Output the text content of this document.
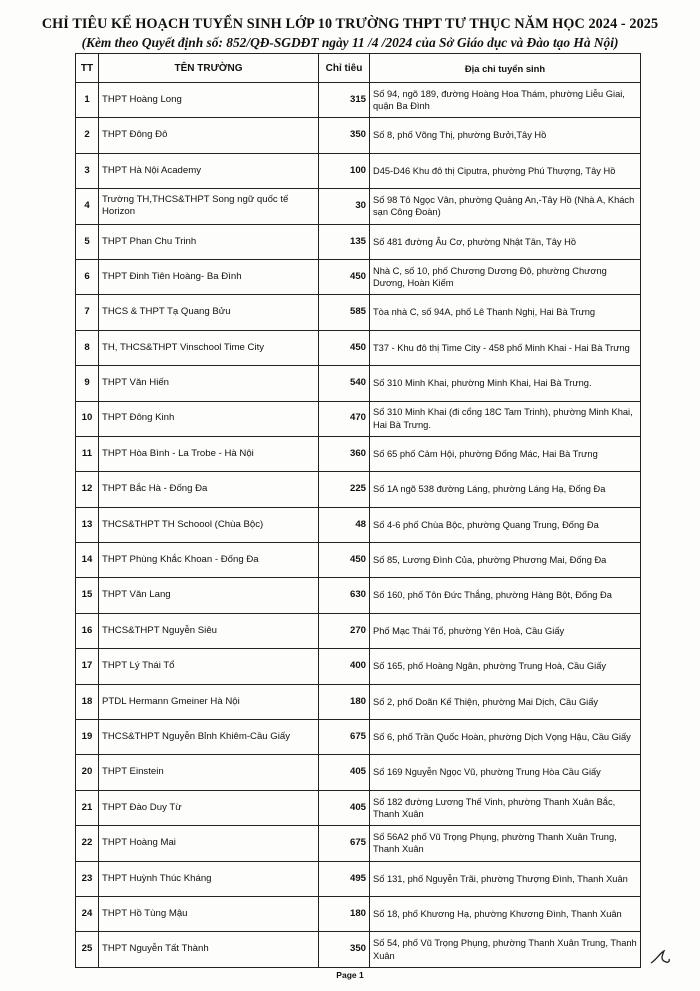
CHỈ TIÊU KẾ HOẠCH TUYỂN SINH LỚP 10 TRƯỜNG THPT TƯ THỤC NĂM HỌC 2024 - 2025
(Kèm theo Quyết định số: 852/QĐ-SGDĐT ngày 11 /4 /2024 của Sở Giáo dục và Đào tạo Hà Nội)
TT	TÊN TRƯỜNG	Chỉ tiêu	Địa chỉ tuyển sinh
1	THPT Hoàng Long	315	Số 94, ngõ 189, đường Hoàng Hoa Thám, phường Liễu Giai, quận Ba Đình
2	THPT Đông Đô	350	Số 8, phố Võng Thị, phường Bưởi,Tây Hồ
3	THPT Hà Nội Academy	100	D45-D46 Khu đô thị Ciputra, phường Phú Thượng, Tây Hồ
4	Trường TH,THCS&THPT Song ngữ quốc tế Horizon	30	Số 98 Tô Ngọc Vân, phường Quảng An,-Tây Hồ (Nhà A, Khách sạn Công Đoàn)
5	THPT Phan Chu Trinh	135	Số 481 đường Âu Cơ, phường Nhật Tân, Tây Hồ
6	THPT Đinh Tiên Hoàng- Ba Đình	450	Nhà C, số 10, phố Chương Dương Độ, phường Chương Dương, Hoàn Kiếm
7	THCS & THPT Tạ Quang Bửu	585	Tòa nhà C, số 94A, phố Lê Thanh Nghị, Hai Bà Trưng
8	TH, THCS&THPT Vinschool Time City	450	T37 - Khu đô thị Time City - 458 phố Minh Khai - Hai Bà Trưng
9	THPT Văn Hiến	540	Số 310 Minh Khai, phường Minh Khai, Hai Bà Trưng.
10	THPT Đông Kinh	470	Số 310 Minh Khai (đi cổng 18C Tam Trinh), phường Minh Khai, Hai Bà Trưng.
11	THPT Hòa Bình - La Trobe - Hà Nội	360	Số 65 phố Cảm Hội, phường Đống Mác, Hai Bà Trưng
12	THPT Bắc Hà - Đống Đa	225	Số 1A ngõ 538 đường Láng, phường Láng Hạ, Đống Đa
13	THCS&THPT TH Schoool (Chùa Bộc)	48	Số 4-6 phố Chùa Bộc, phường Quang Trung, Đống Đa
14	THPT Phùng Khắc Khoan - Đống Đa	450	Số 85, Lương Đình Của, phường Phương Mai, Đống Đa
15	THPT Văn Lang	630	Số 160, phố Tôn Đức Thắng, phường Hàng Bột, Đống Đa
16	THCS&THPT Nguyễn Siêu	270	Phố Mạc Thái Tổ, phường Yên Hoà, Cầu Giấy
17	THPT Lý Thái Tổ	400	Số 165, phố Hoàng Ngân, phường Trung Hoà, Cầu Giấy
18	PTDL Hermann Gmeiner Hà Nội	180	Số 2, phố Doãn Kế Thiện, phường Mai Dịch, Cầu Giấy
19	THCS&THPT Nguyễn Bỉnh Khiêm-Cầu Giấy	675	Số 6, phố Trần Quốc Hoàn, phường Dịch Vọng Hậu, Cầu Giấy
20	THPT Einstein	405	Số 169 Nguyễn Ngọc Vũ, phường Trung Hòa Cầu Giấy
21	THPT Đào Duy Từ	405	Số 182 đường Lương Thế Vinh, phường Thanh Xuân Bắc, Thanh Xuân
22	THPT Hoàng Mai	675	Số 56A2 phố Vũ Trọng Phụng, phường Thanh Xuân Trung, Thanh Xuân
23	THPT Huỳnh Thúc Kháng	495	Số 131, phố Nguyễn Trãi, phường Thượng Đình, Thanh Xuân
24	THPT Hồ Tùng Mậu	180	Số 18, phố Khương Hạ, phường Khương Đình, Thanh Xuân
25	THPT Nguyễn Tất Thành	350	Số 54, phố Vũ Trọng Phụng, phường Thanh Xuân Trung, Thanh Xuân
Page 1
